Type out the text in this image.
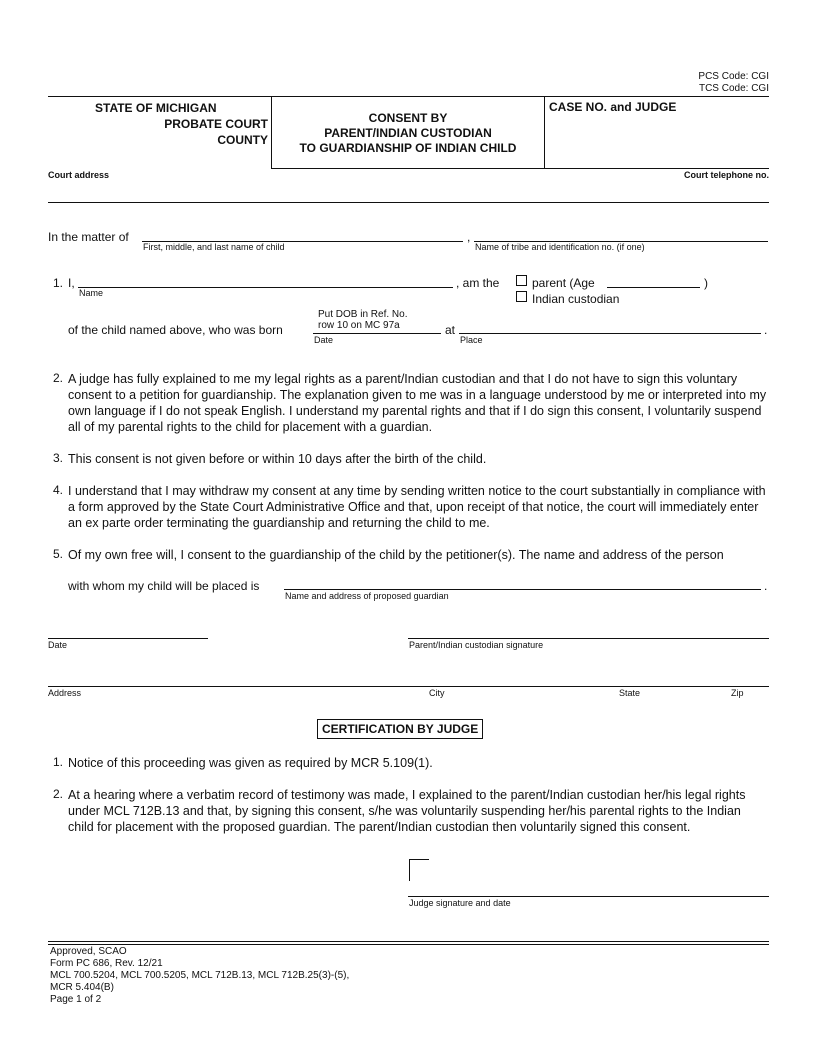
PCS Code: CGI
TCS Code: CGI
STATE OF MICHIGAN
PROBATE COURT
COUNTY
CONSENT BY
PARENT/INDIAN CUSTODIAN
TO GUARDIANSHIP OF INDIAN CHILD
CASE NO. and JUDGE
Court address	Court telephone no.
In the matter of
First, middle, and last name of child
,
Name of tribe and identification no. (if one)
1. I,
Name
, am the	parent (Age	)
Indian custodian
of the child named above, who was born
Put DOB in Ref. No.
row 10 on MC 97a
Date
at
Place
.
2. A judge has fully explained to me my legal rights as a parent/Indian custodian and that I do not have to sign this voluntary consent to a petition for guardianship. The explanation given to me was in a language understood by me or interpreted into my own language if I do not speak English. I understand my parental rights and that if I do sign this consent, I voluntarily suspend all of my parental rights to the child for placement with a guardian.
3. This consent is not given before or within 10 days after the birth of the child.
4. I understand that I may withdraw my consent at any time by sending written notice to the court substantially in compliance with a form approved by the State Court Administrative Office and that, upon receipt of that notice, the court will immediately enter an ex parte order terminating the guardianship and returning the child to me.
5. Of my own free will, I consent to the guardianship of the child by the petitioner(s). The name and address of the person
with whom my child will be placed is
Name and address of proposed guardian
.
Date	Parent/Indian custodian signature
Address	City	State	Zip
CERTIFICATION BY JUDGE
1. Notice of this proceeding was given as required by MCR 5.109(1).
2. At a hearing where a verbatim record of testimony was made, I explained to the parent/Indian custodian her/his legal rights under MCL 712B.13 and that, by signing this consent, s/he was voluntarily suspending her/his parental rights to the Indian child for placement with the proposed guardian. The parent/Indian custodian then voluntarily signed this consent.
Judge signature and date
Approved, SCAO
Form PC 686, Rev. 12/21
MCL 700.5204, MCL 700.5205, MCL 712B.13, MCL 712B.25(3)-(5),
MCR 5.404(B)
Page 1 of 2
